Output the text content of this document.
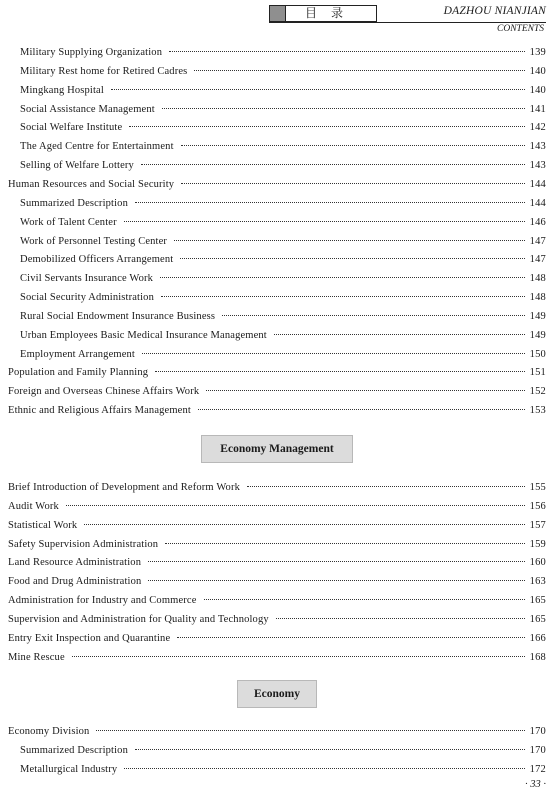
目录	DAZHOU NIANJIAN
CONTENTS
Military Supplying Organization	139
Military Rest home for Retired Cadres	140
Mingkang Hospital	140
Social Assistance Management	141
Social Welfare Institute	142
The Aged Centre for Entertainment	143
Selling of Welfare Lottery	143
Human Resources and Social Security	144
Summarized Description	144
Work of Talent Center	146
Work of Personnel Testing Center	147
Demobilized Officers Arrangement	147
Civil Servants Insurance Work	148
Social Security Administration	148
Rural Social Endowment Insurance Business	149
Urban Employees Basic Medical Insurance Management	149
Employment Arrangement	150
Population and Family Planning	151
Foreign and Overseas Chinese Affairs Work	152
Ethnic and Religious Affairs Management	153
Brief Introduction of Development and Reform Work	155
Audit Work	156
Statistical Work	157
Safety Supervision Administration	159
Land Resource Administration	160
Food and Drug Administration	163
Administration for Industry and Commerce	165
Supervision and Administration for Quality and Technology	165
Entry Exit Inspection and Quarantine	166
Mine Rescue	168
Economy Division	170
Summarized Description	170
Metallurgical Industry	172
Economy Management
Economy
· 33 ·
